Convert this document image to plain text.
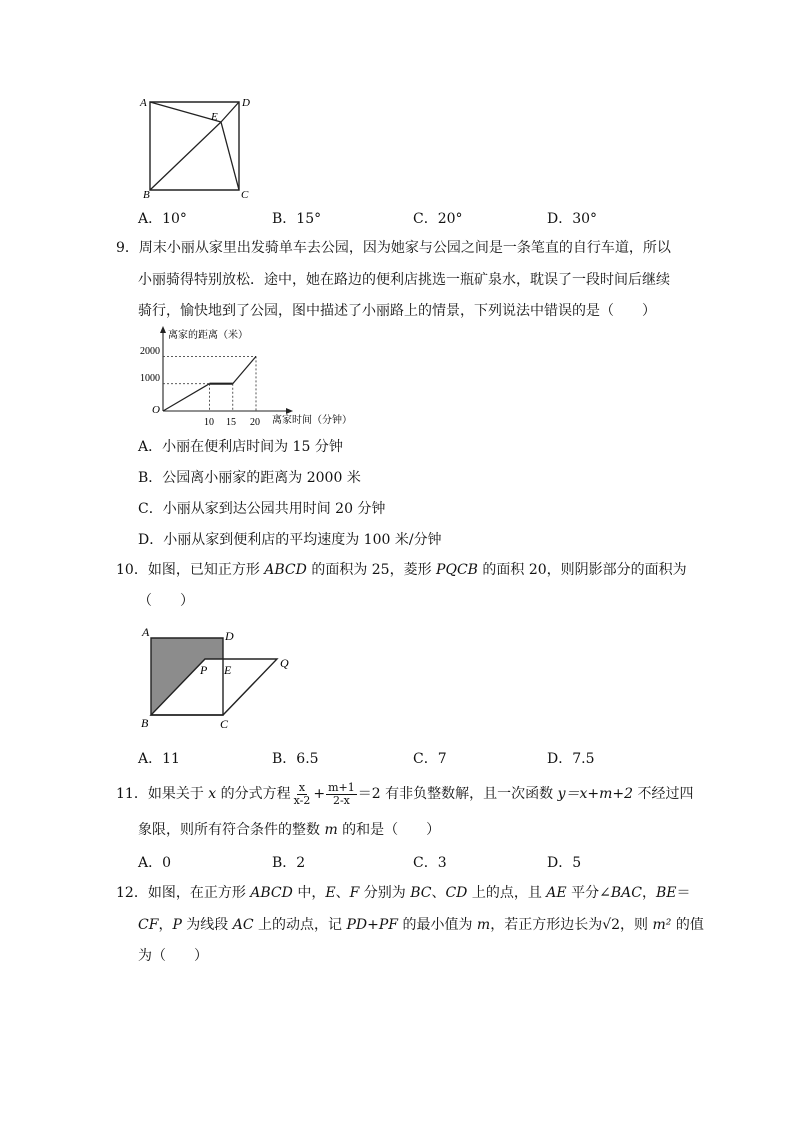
A	D
E
B	C
A．10°	B．15°	C．20°	D．30°
9．周末小丽从家里出发骑单车去公园，因为她家与公园之间是一条笔直的自行车道，所以
小丽骑得特别放松．途中，她在路边的便利店挑选一瓶矿泉水，耽误了一段时间后继续
骑行，愉快地到了公园，图中描述了小丽路上的情景，下列说法中错误的是（　　）
离家的距离（米）
离家时间（分钟）
O
2000
1000
10 15 20
A．小丽在便利店时间为 15 分钟
B．公园离小丽家的距离为 2000 米
C．小丽从家到达公园共用时间 20 分钟
D．小丽从家到便利店的平均速度为 100 米/分钟
10．如图，已知正方形 ABCD 的面积为 25，菱形 PQCB 的面积 20，则阴影部分的面积为
（　　）
A	D
P E	Q
B	C
A．11	B．6.5	C．7	D．7.5
11．如果关于 x 的分式方程 $\frac{x}{x-2} + \frac{m+1}{2-x} =2$ 有非负整数解，且一次函数 y＝x+m+2 不经过四
象限，则所有符合条件的整数 m 的和是（　　）
A．0	B．2	C．3	D．5
12．如图，在正方形 ABCD 中，E、F 分别为 BC、CD 上的点，且 AE 平分∠BAC，BE＝
CF，P 为线段 AC 上的动点，记 PD+PF 的最小值为 m，若正方形边长为√2，则 m² 的值
为（　　）
